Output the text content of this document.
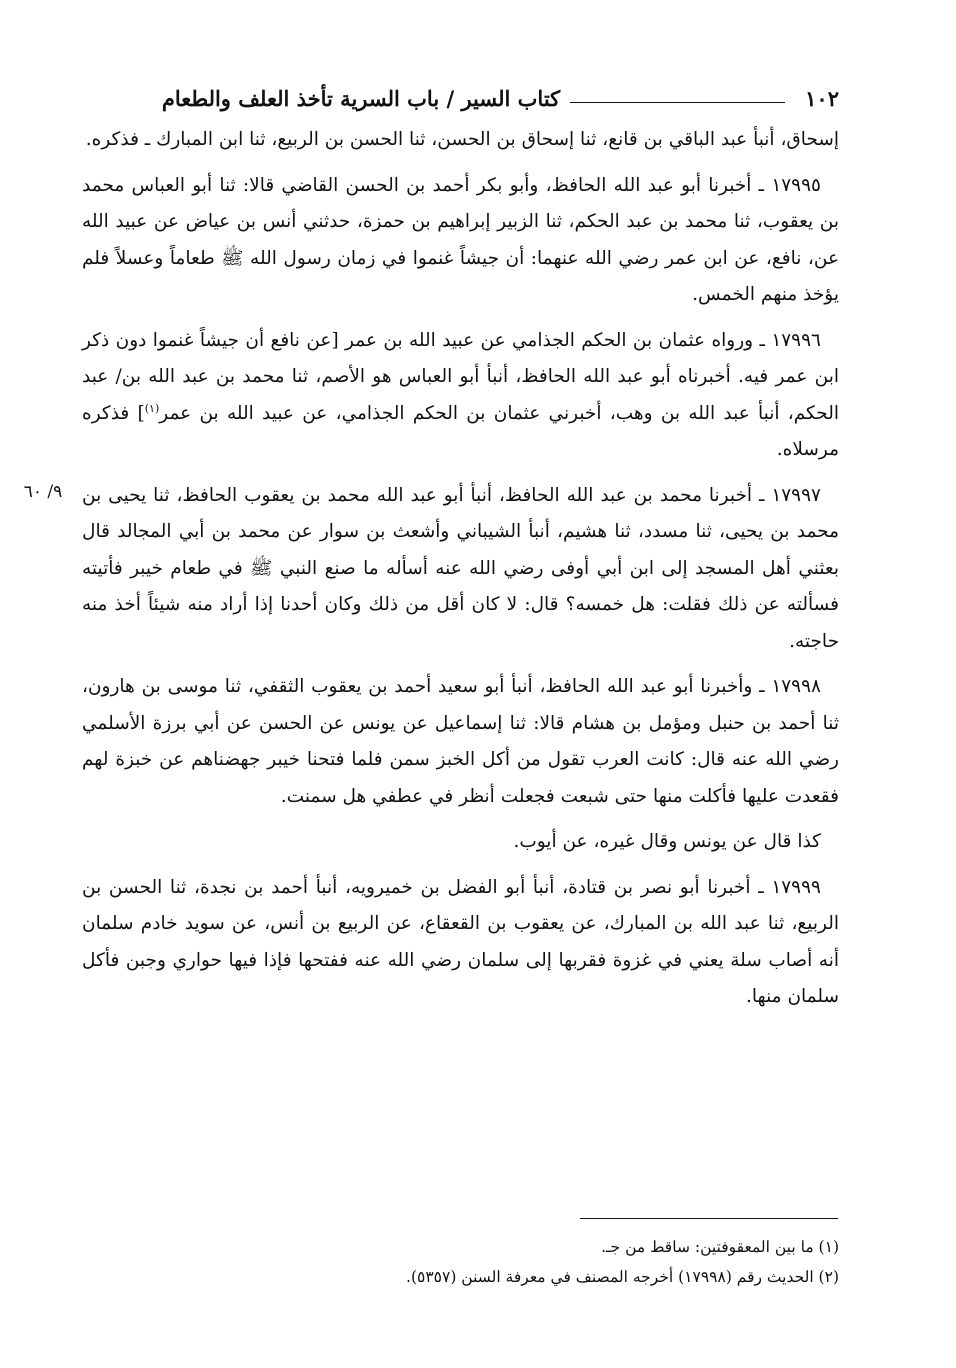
١٠٢
كتاب السير / باب السرية تأخذ العلف والطعام
٩/ ٦٠

إسحاق، أنبأ عبد الباقي بن قانع، ثنا إسحاق بن الحسن، ثنا الحسن بن الربيع، ثنا ابن المبارك ـ فذكره.

١٧٩٩٥ ـ أخبرنا أبو عبد الله الحافظ، وأبو بكر أحمد بن الحسن القاضي قالا: ثنا أبو العباس محمد بن يعقوب، ثنا محمد بن عبد الحكم، ثنا الزبير إبراهيم بن حمزة، حدثني أنس بن عياض عن عبيد الله عن، نافع، عن ابن عمر رضي الله عنهما: أن جيشاً غنموا في زمان رسول الله ﷺ طعاماً وعسلاً فلم يؤخذ منهم الخمس.

١٧٩٩٦ ـ ورواه عثمان بن الحكم الجذامي عن عبيد الله بن عمر [عن نافع أن جيشاً غنموا دون ذكر ابن عمر فيه. أخبرناه أبو عبد الله الحافظ، أنبأ أبو العباس هو الأصم، ثنا محمد بن عبد الله بن/ عبد الحكم، أنبأ عبد الله بن وهب، أخبرني عثمان بن الحكم الجذامي، عن عبيد الله بن عمر$^{(١)}$] فذكره مرسلاه.

١٧٩٩٧ ـ أخبرنا محمد بن عبد الله الحافظ، أنبأ أبو عبد الله محمد بن يعقوب الحافظ، ثنا يحيى بن محمد بن يحيى، ثنا مسدد، ثنا هشيم، أنبأ الشيباني وأشعث بن سوار عن محمد بن أبي المجالد قال بعثني أهل المسجد إلى ابن أبي أوفى رضي الله عنه أسأله ما صنع النبي ﷺ في طعام خيبر فأتيته فسألته عن ذلك فقلت: هل خمسه؟ قال: لا كان أقل من ذلك وكان أحدنا إذا أراد منه شيئاً أخذ منه حاجته.

١٧٩٩٨ ـ وأخبرنا أبو عبد الله الحافظ، أنبأ أبو سعيد أحمد بن يعقوب الثقفي، ثنا موسى بن هارون، ثنا أحمد بن حنبل ومؤمل بن هشام قالا: ثنا إسماعيل عن يونس عن الحسن عن أبي برزة الأسلمي رضي الله عنه قال: كانت العرب تقول من أكل الخبز سمن فلما فتحنا خيبر جهضناهم عن خبزة لهم فقعدت عليها فأكلت منها حتى شبعت فجعلت أنظر في عطفي هل سمنت.

كذا قال عن يونس وقال غيره، عن أيوب.

١٧٩٩٩ ـ أخبرنا أبو نصر بن قتادة، أنبأ أبو الفضل بن خميرويه، أنبأ أحمد بن نجدة، ثنا الحسن بن الربيع، ثنا عبد الله بن المبارك، عن يعقوب بن القعقاع، عن الربيع بن أنس، عن سويد خادم سلمان أنه أصاب سلة يعني في غزوة فقربها إلى سلمان رضي الله عنه ففتحها فإذا فيها حواري وجبن فأكل سلمان منها.

(١) ما بين المعقوفتين: ساقط من جـ.

(٢) الحديث رقم (١٧٩٩٨) أخرجه المصنف في معرفة السنن (٥٣٥٧).
